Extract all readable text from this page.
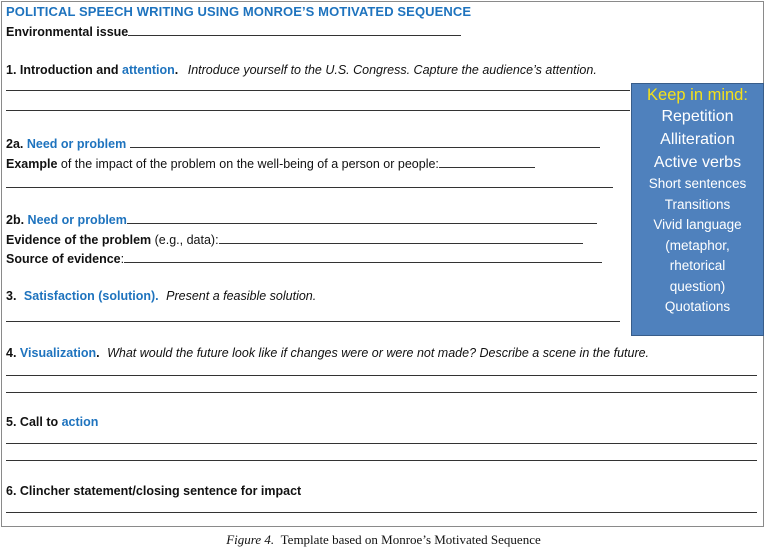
POLITICAL SPEECH WRITING USING MONROE’S MOTIVATED SEQUENCE
Environmental issue
1. Introduction and attention. Introduce yourself to the U.S. Congress. Capture the audience’s attention.
2a. Need or problem
Example of the impact of the problem on the well-being of a person or people:
2b. Need or problem
Evidence of the problem (e.g., data):
Source of evidence:
3. Satisfaction (solution). Present a feasible solution.
4. Visualization. What would the future look like if changes were or were not made? Describe a scene in the future.
5. Call to action
6. Clincher statement/closing sentence for impact
Keep in mind:
Repetition
Alliteration
Active verbs
Short sentences
Transitions
Vivid language
(metaphor,
rhetorical
question)
Quotations
Figure 4. Template based on Monroe’s Motivated Sequence
